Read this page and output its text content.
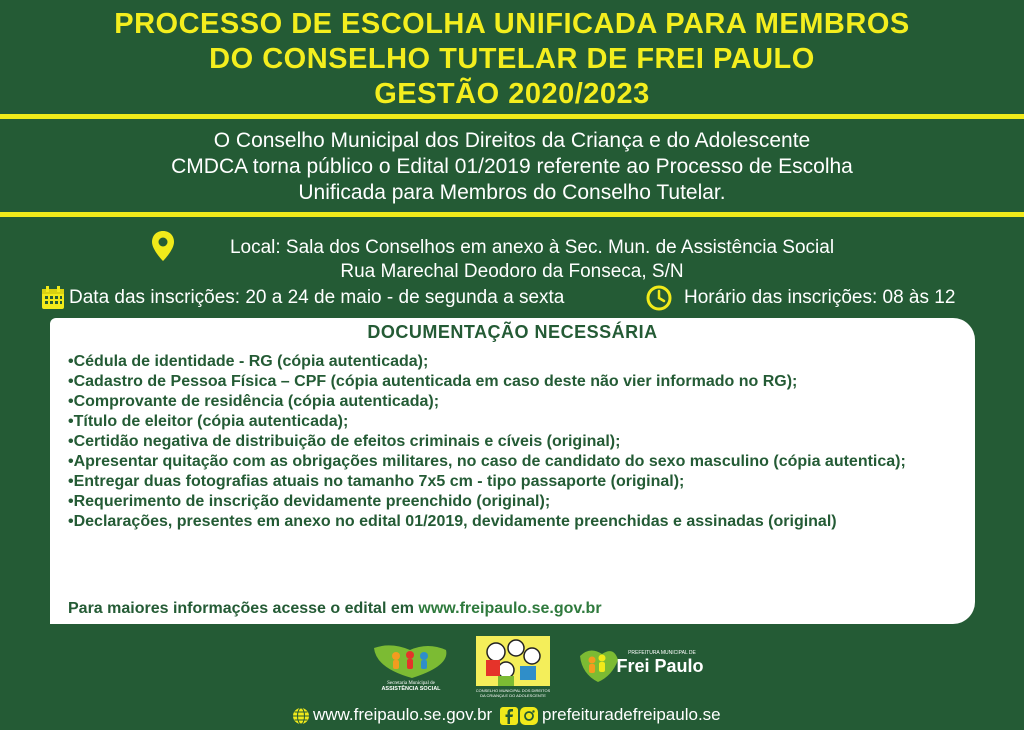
PROCESSO DE ESCOLHA UNIFICADA PARA MEMBROS
DO CONSELHO TUTELAR DE FREI PAULO
GESTÃO 2020/2023
O Conselho Municipal dos Direitos da Criança e do Adolescente
CMDCA torna público o Edital 01/2019 referente ao Processo de Escolha
Unificada para Membros do Conselho Tutelar.
Local: Sala dos Conselhos em anexo à Sec. Mun. de Assistência Social
Rua Marechal Deodoro da Fonseca, S/N
Data das inscrições: 20 a 24 de maio - de segunda a sexta	Horário das inscrições: 08 às 12
DOCUMENTAÇÃO NECESSÁRIA
•Cédula de identidade - RG (cópia autenticada);
•Cadastro de Pessoa Física – CPF (cópia autenticada em caso deste não vier informado no RG);
•Comprovante de residência (cópia autenticada);
•Título de eleitor (cópia autenticada);
•Certidão negativa de distribuição de efeitos criminais e cíveis (original);
•Apresentar quitação com as obrigações militares, no caso de candidato do sexo masculino (cópia autentica);
•Entregar duas fotografias atuais no tamanho 7x5 cm - tipo passaporte (original);
•Requerimento de inscrição devidamente preenchido (original);
•Declarações, presentes em anexo no edital 01/2019, devidamente preenchidas e assinadas (original)
Para maiores informações acesse o edital em www.freipaulo.se.gov.br
Secretaria Municipal de
ASSISTÊNCIA SOCIAL	CONSELHO MUNICIPAL DOS DIREITOS
DA CRIANÇA E DO ADOLESCENTE
PREFEITURA MUNICIPAL DE
Frei Paulo
www.freipaulo.se.gov.br	prefeituradefreipaulo.se
